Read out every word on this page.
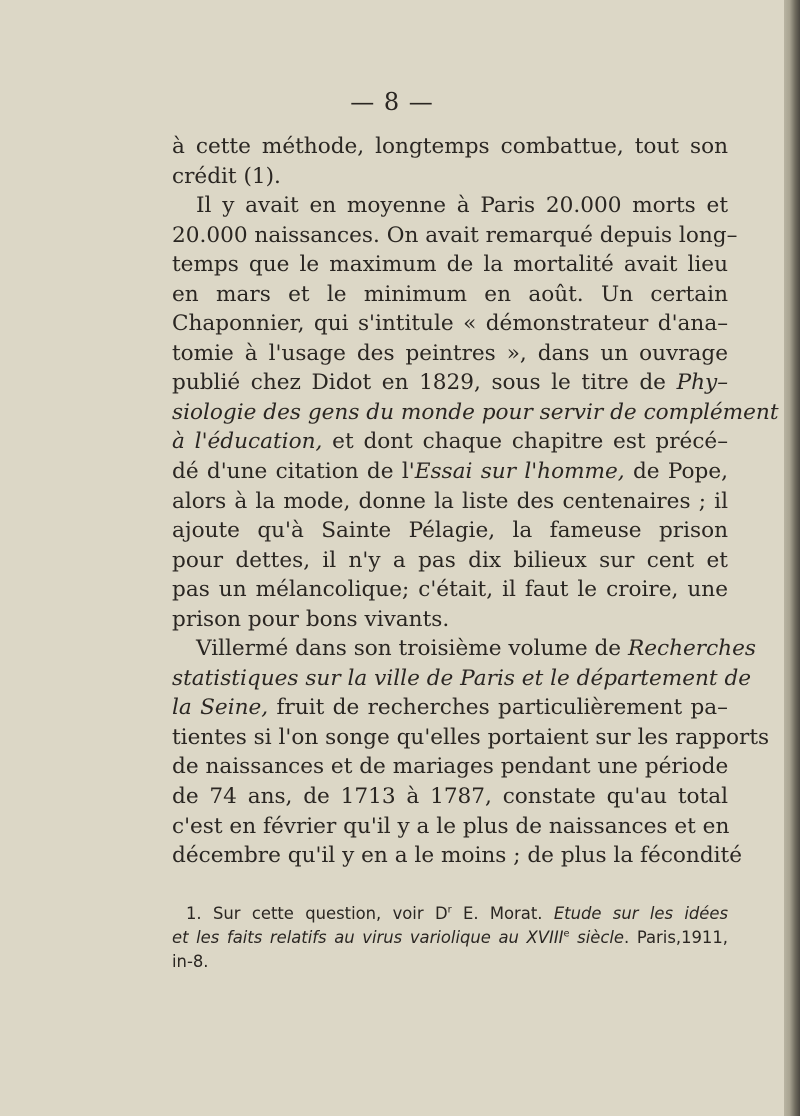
— 8 —
à cette méthode, longtemps combattue, tout son
crédit (1).
Il y avait en moyenne à Paris 20.000 morts et
20.000 naissances. On avait remarqué depuis long–
temps que le maximum de la mortalité avait lieu
en mars et le minimum en août. Un certain
Chaponnier, qui s'intitule « démonstrateur d'ana–
tomie à l'usage des peintres », dans un ouvrage
publié chez Didot en 1829, sous le titre de Phy–
siologie des gens du monde pour servir de complément
à l'éducation, et dont chaque chapitre est précé–
dé d'une citation de l'Essai sur l'homme, de Pope,
alors à la mode, donne la liste des centenaires ; il
ajoute qu'à Sainte Pélagie, la fameuse prison
pour dettes, il n'y a pas dix bilieux sur cent et
pas un mélancolique; c'était, il faut le croire, une
prison pour bons vivants.
Villermé dans son troisième volume de Recherches
statistiques sur la ville de Paris et le département de
la Seine, fruit de recherches particulièrement pa–
tientes si l'on songe qu'elles portaient sur les rapports
de naissances et de mariages pendant une période
de 74 ans, de 1713 à 1787, constate qu'au total
c'est en février qu'il y a le plus de naissances et en
décembre qu'il y en a le moins ; de plus la fécondité
1. Sur cette question, voir $D^r$ E. Morat. Etude sur les idées
et les faits relatifs au virus variolique au XVIIIe siècle. Paris,1911,
in-8.
